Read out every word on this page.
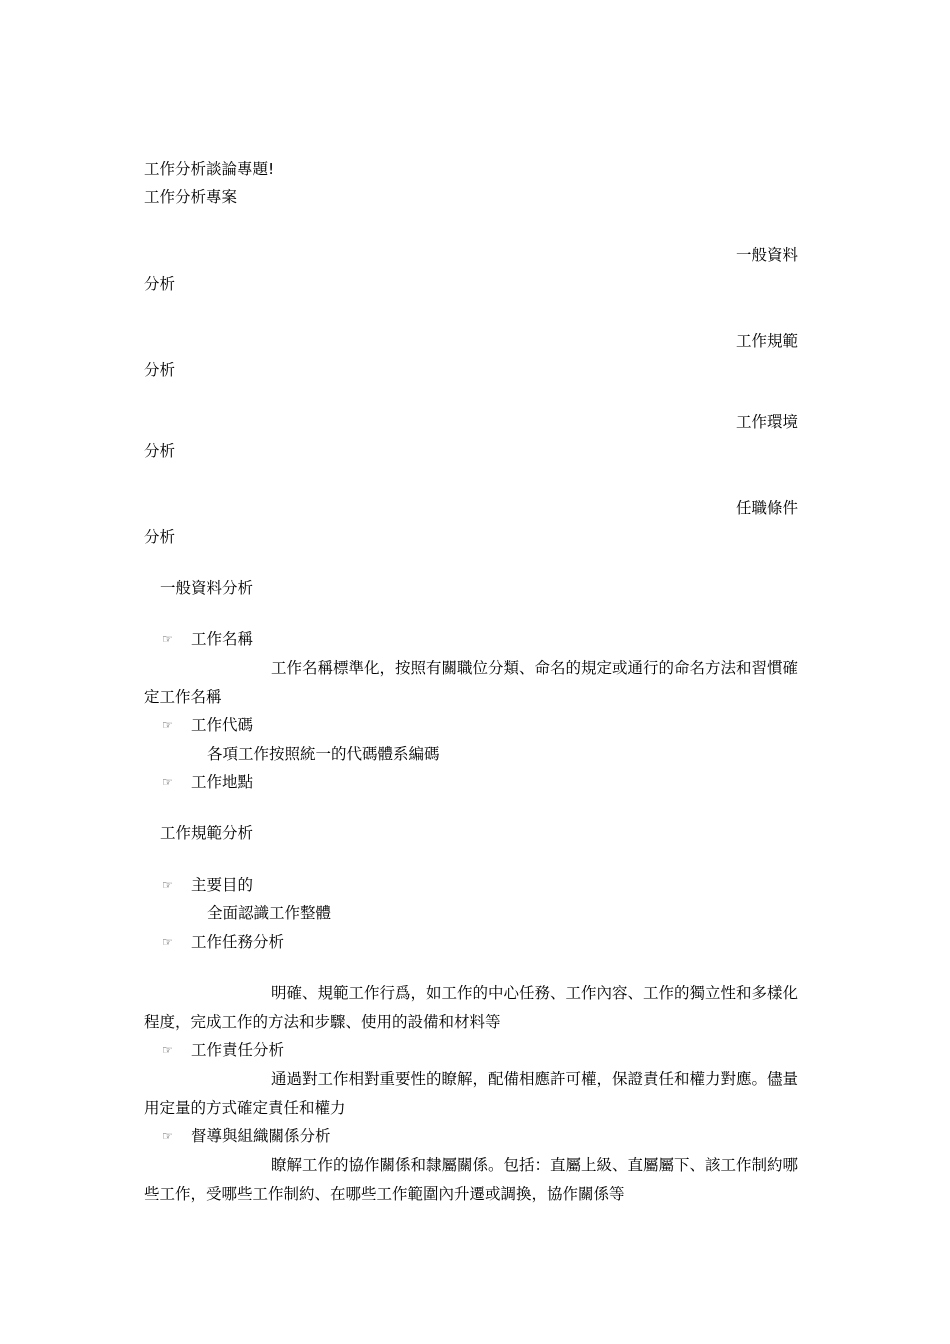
工作分析談論專題!
工作分析專案
一般資料
分析
工作規範
分析
工作環境
分析
任職條件
分析
一般資料分析
☞ 工作名稱
工作名稱標準化，按照有關職位分類、命名的規定或通行的命名方法和習慣確定工作名稱
☞ 工作代碼
各項工作按照統一的代碼體系編碼
☞ 工作地點
工作規範分析
☞ 主要目的
全面認識工作整體
☞ 工作任務分析
明確、規範工作行爲，如工作的中心任務、工作內容、工作的獨立性和多樣化程度，完成工作的方法和步驟、使用的設備和材料等
☞ 工作責任分析
通過對工作相對重要性的瞭解，配備相應許可權，保證責任和權力對應。儘量用定量的方式確定責任和權力
☞ 督導與組織關係分析
瞭解工作的協作關係和隸屬關係。包括：直屬上級、直屬屬下、該工作制約哪些工作，受哪些工作制約、在哪些工作範圍內升遷或調換，協作關係等
